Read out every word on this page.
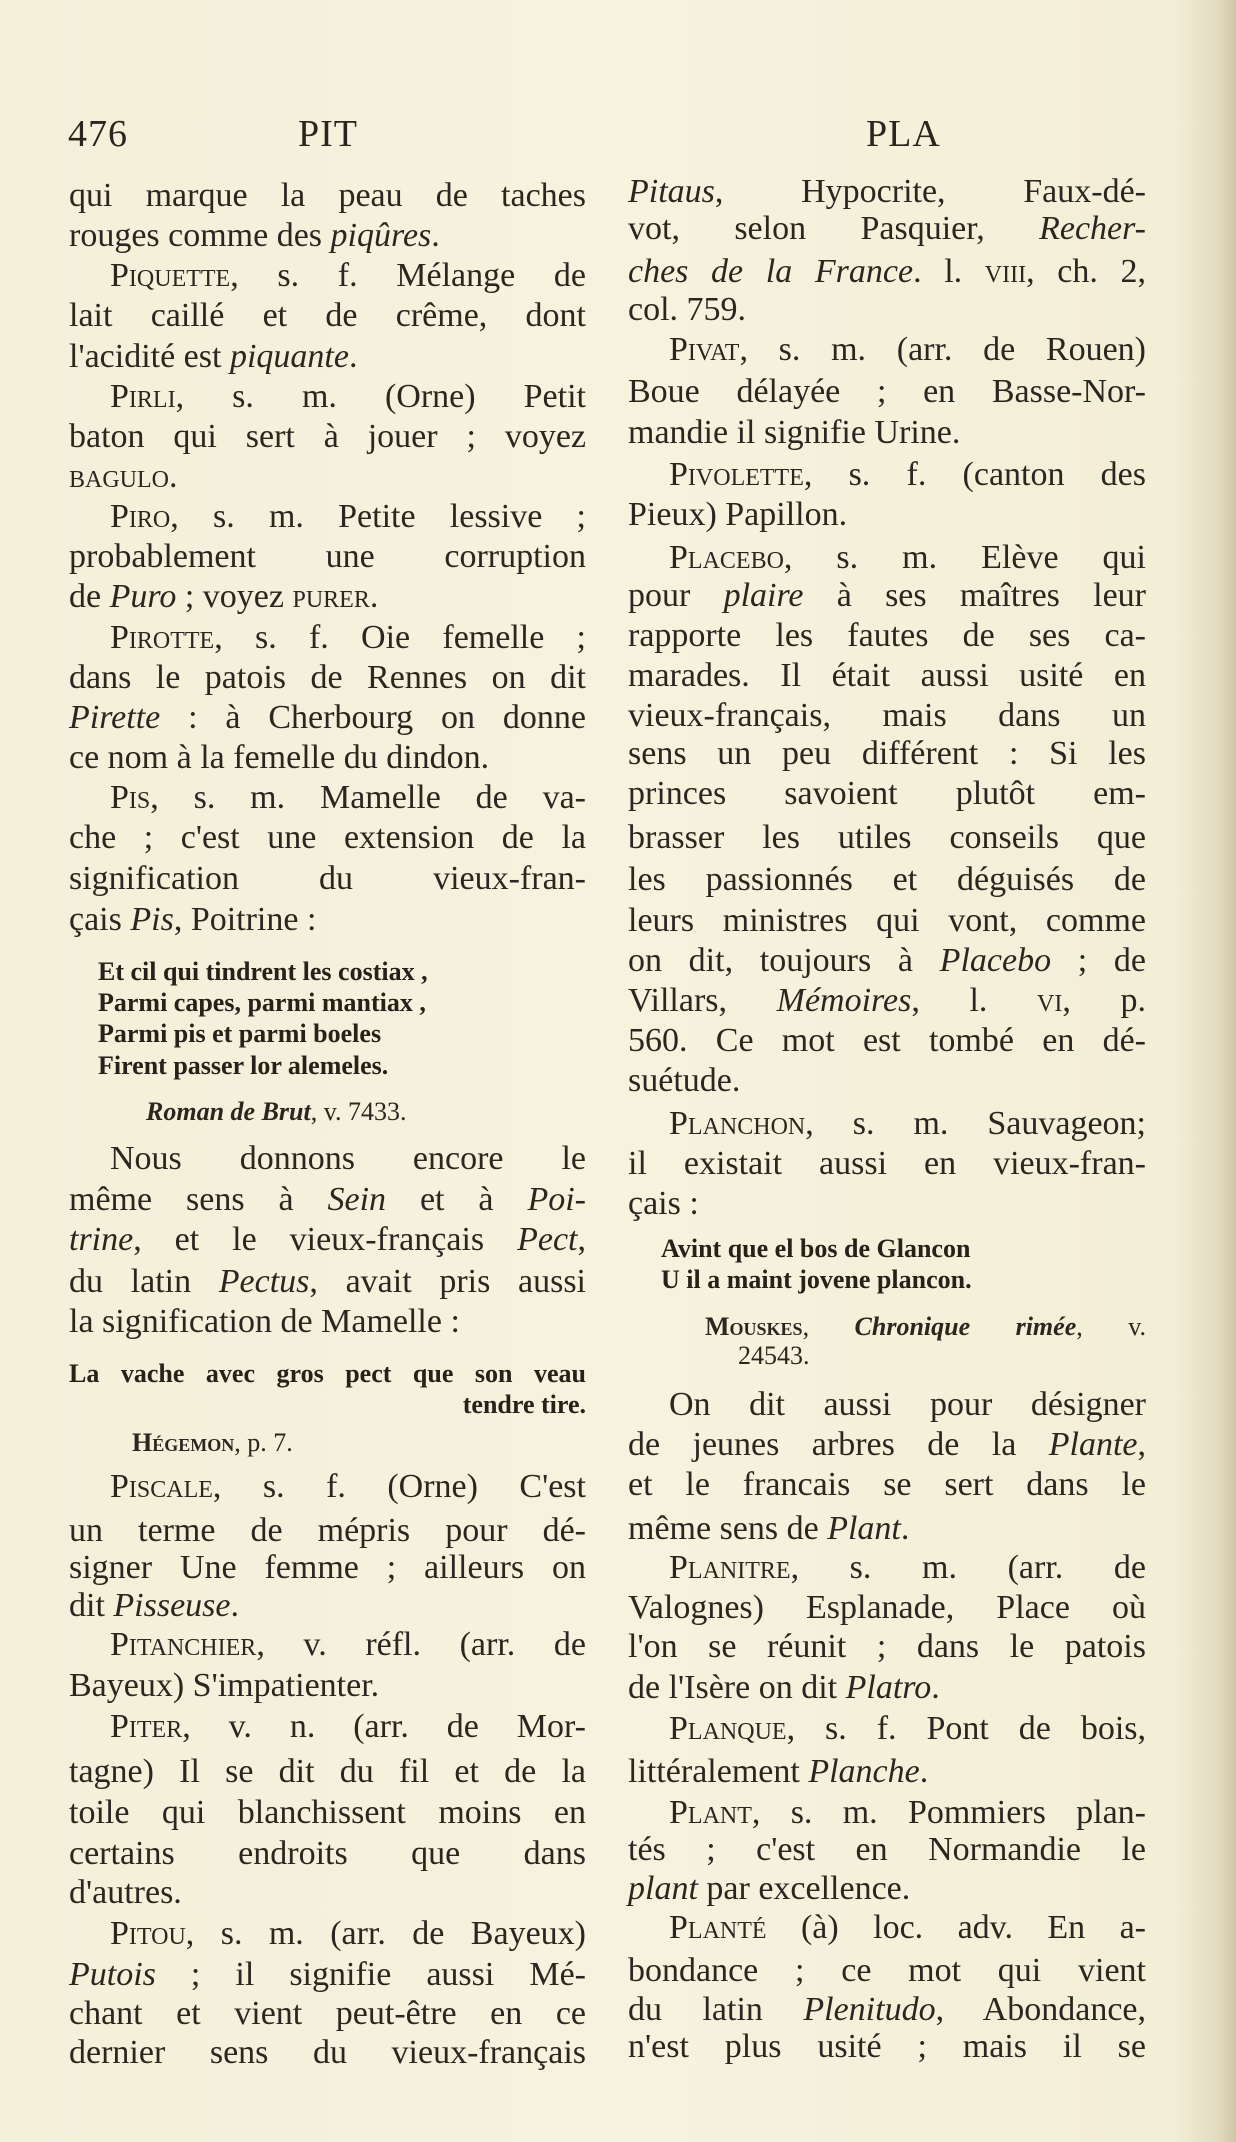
476	PIT	PLA
qui marque la peau de taches
rouges comme des piqûres.
Piquette, s. f. Mélange de
lait caillé et de crême, dont
l'acidité est piquante.
Pirli, s. m. (Orne) Petit
baton qui sert à jouer ; voyez
bagulo.
Piro, s. m. Petite lessive ;
probablement une corruption
de Puro ; voyez purer.
Pirotte, s. f. Oie femelle ;
dans le patois de Rennes on dit
Pirette : à Cherbourg on donne
ce nom à la femelle du dindon.
Pis, s. m. Mamelle de va-
che ; c'est une extension de la
signification du vieux-fran-
çais Pis, Poitrine :
Et cil qui tindrent les costiax ,
Parmi capes, parmi mantiax ,
Parmi pis et parmi boeles
Firent passer lor alemeles.
Roman de Brut, v. 7433.
Nous donnons encore le
même sens à Sein et à Poi-
trine, et le vieux-français Pect,
du latin Pectus, avait pris aussi
la signification de Mamelle :
La vache avec gros pect que son veau
tendre tire.
Hégemon, p. 7.
Piscale, s. f. (Orne) C'est
un terme de mépris pour dé-
signer Une femme ; ailleurs on
dit Pisseuse.
Pitanchier, v. réfl. (arr. de
Bayeux) S'impatienter.
Piter, v. n. (arr. de Mor-
tagne) Il se dit du fil et de la
toile qui blanchissent moins en
certains endroits que dans
d'autres.
Pitou, s. m. (arr. de Bayeux)
Putois ; il signifie aussi Mé-
chant et vient peut-être en ce
dernier sens du vieux-français
Pitaus, Hypocrite, Faux-dé-
vot, selon Pasquier, Recher-
ches de la France. l. viii, ch. 2,
col. 759.
Pivat, s. m. (arr. de Rouen)
Boue délayée ; en Basse-Nor-
mandie il signifie Urine.
Pivolette, s. f. (canton des
Pieux) Papillon.
Placebo, s. m. Elève qui
pour plaire à ses maîtres leur
rapporte les fautes de ses ca-
marades. Il était aussi usité en
vieux-français, mais dans un
sens un peu différent : Si les
princes savoient plutôt em-
brasser les utiles conseils que
les passionnés et déguisés de
leurs ministres qui vont, comme
on dit, toujours à Placebo ; de
Villars, Mémoires, l. vi, p.
560. Ce mot est tombé en dé-
suétude.
Planchon, s. m. Sauvageon;
il existait aussi en vieux-fran-
çais :
Avint que el bos de Glancon
U il a maint jovene plancon.
Mouskes, Chronique rimée, v.
24543.
On dit aussi pour désigner
de jeunes arbres de la Plante,
et le francais se sert dans le
même sens de Plant.
Planitre, s. m. (arr. de
Valognes) Esplanade, Place où
l'on se réunit ; dans le patois
de l'Isère on dit Platro.
Planque, s. f. Pont de bois,
littéralement Planche.
Plant, s. m. Pommiers plan-
tés ; c'est en Normandie le
plant par excellence.
Planté (à) loc. adv. En a-
bondance ; ce mot qui vient
du latin Plenitudo, Abondance,
n'est plus usité ; mais il se
